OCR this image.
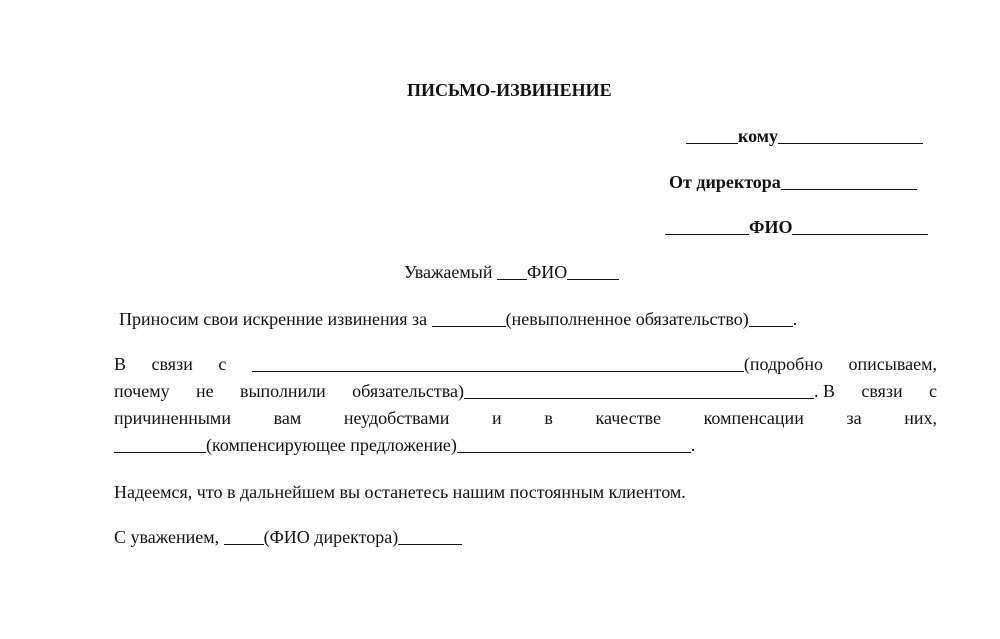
ПИСЬМО-ИЗВИНЕНИЕ
кому
От директора
ФИО
Уважаемый ФИО
Приносим свои искренние извинения за	(невыполненное обязательство) .
В связи с	(подробно описываем,
почему не выполнили обязательства)	. В связи с
причиненными вам неудобствами и в качестве компенсации за них,
(компенсирующее предложение)	.
Надеемся, что в дальнейшем вы останетесь нашим постоянным клиентом.
С уважением, (ФИО директора)
